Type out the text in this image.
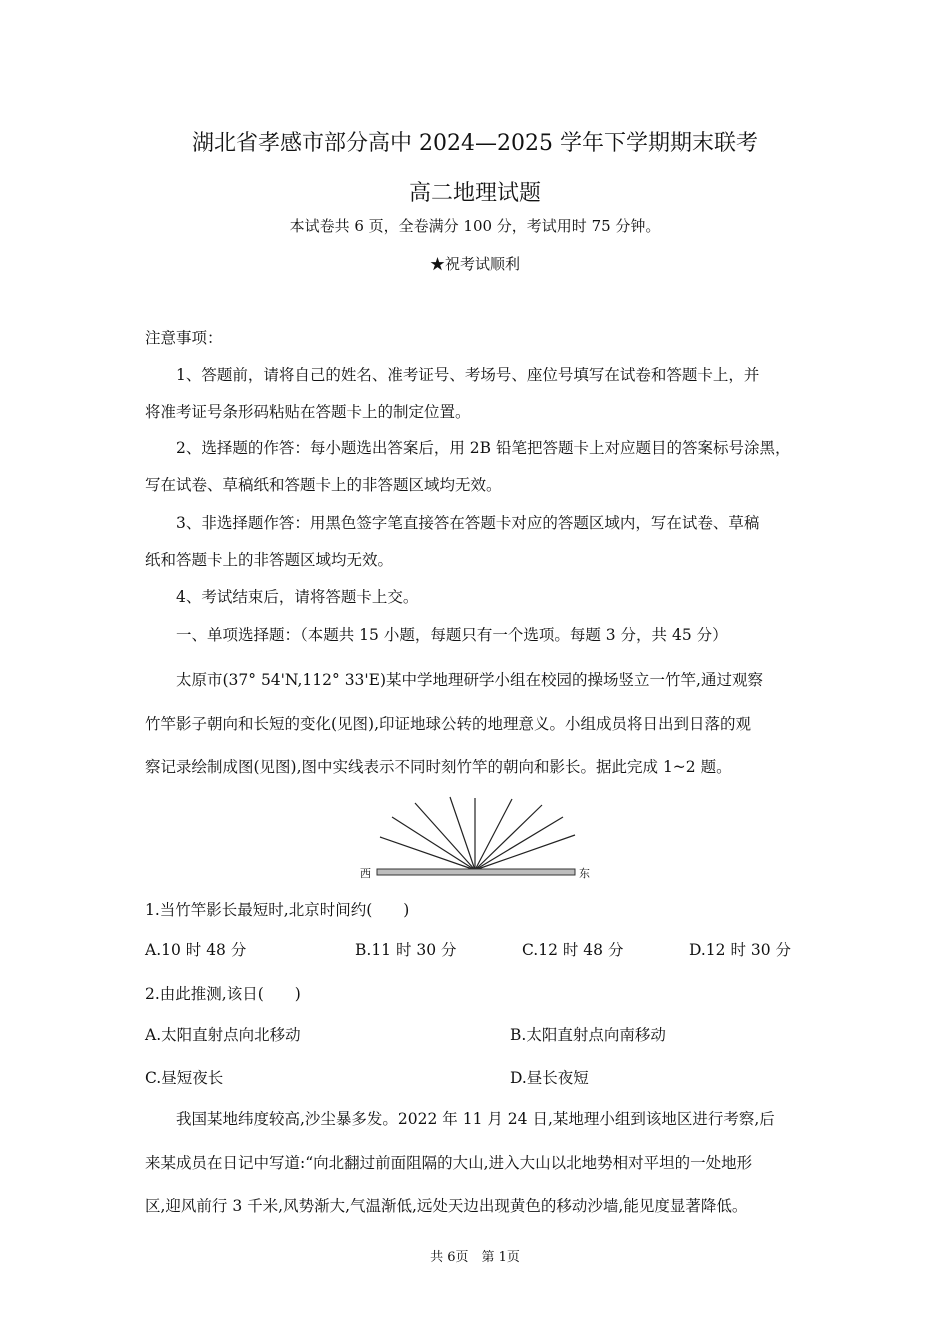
湖北省孝感市部分高中 2024—2025 学年下学期期末联考
高二地理试题
本试卷共 6 页，全卷满分 100 分，考试用时 75 分钟。
★祝考试顺利
注意事项：
1、答题前，请将自己的姓名、准考证号、考场号、座位号填写在试卷和答题卡上，并
将准考证号条形码粘贴在答题卡上的制定位置。
2、选择题的作答：每小题选出答案后，用 2B 铅笔把答题卡上对应题目的答案标号涂黑，
写在试卷、草稿纸和答题卡上的非答题区域均无效。
3、非选择题作答：用黑色签字笔直接答在答题卡对应的答题区域内，写在试卷、草稿
纸和答题卡上的非答题区域均无效。
4、考试结束后，请将答题卡上交。
一、单项选择题：（本题共 15 小题，每题只有一个选项。每题 3 分，共 45 分）
太原市(37° 54'N,112° 33'E)某中学地理研学小组在校园的操场竖立一竹竿,通过观察
竹竿影子朝向和长短的变化(见图),印证地球公转的地理意义。小组成员将日出到日落的观
察记录绘制成图(见图),图中实线表示不同时刻竹竿的朝向和影长。据此完成 1~2 题。
西	东
1.当竹竿影长最短时,北京时间约(　　)
A.10 时 48 分	B.11 时 30 分	C.12 时 48 分	D.12 时 30 分
2.由此推测,该日(　　)
A.太阳直射点向北移动	B.太阳直射点向南移动
C.昼短夜长	D.昼长夜短
我国某地纬度较高,沙尘暴多发。2022 年 11 月 24 日,某地理小组到该地区进行考察,后
来某成员在日记中写道:“向北翻过前面阻隔的大山,进入大山以北地势相对平坦的一处地形
区,迎风前行 3 千米,风势渐大,气温渐低,远处天边出现黄色的移动沙墙,能见度显著降低。
共 6页　第 1页
